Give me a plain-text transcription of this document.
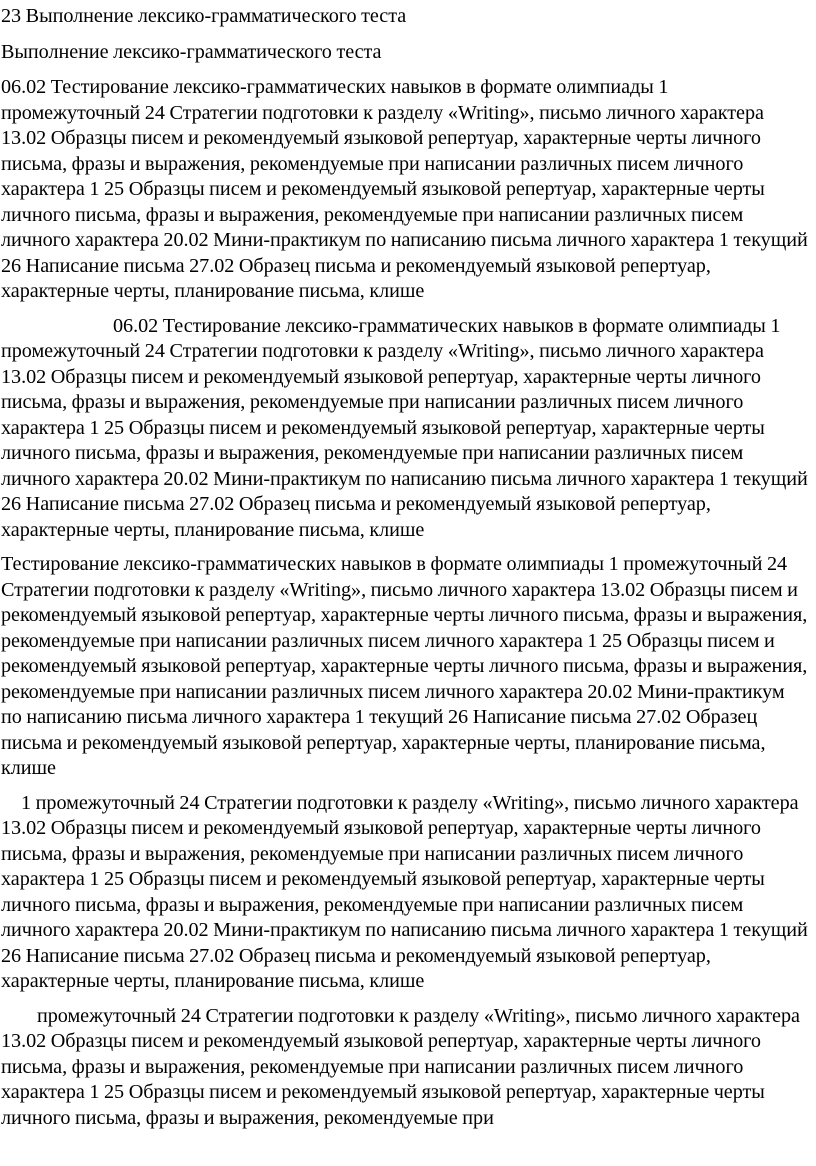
23 Выполнение лексико-грамматического теста

Выполнение лексико-грамматического теста

06.02 Тестирование лексико-грамматических навыков в формате олимпиады 1 промежуточный 24 Стратегии подготовки к разделу «Writing», письмо личного характера 13.02 Образцы писем и рекомендуемый языковой репертуар, характерные черты личного письма, фразы и выражения, рекомендуемые при написании различных писем личного характера 1 25 Образцы писем и рекомендуемый языковой репертуар, характерные черты личного письма, фразы и выражения, рекомендуемые при написании различных писем личного характера 20.02 Мини-практикум по написанию письма личного характера 1 текущий 26 Написание письма 27.02 Образец письма и рекомендуемый языковой репертуар, характерные черты, планирование письма, клише

06.02 Тестирование лексико-грамматических навыков в формате олимпиады 1 промежуточный 24 Стратегии подготовки к разделу «Writing», письмо личного характера 13.02 Образцы писем и рекомендуемый языковой репертуар, характерные черты личного письма, фразы и выражения, рекомендуемые при написании различных писем личного характера 1 25 Образцы писем и рекомендуемый языковой репертуар, характерные черты личного письма, фразы и выражения, рекомендуемые при написании различных писем личного характера 20.02 Мини-практикум по написанию письма личного характера 1 текущий 26 Написание письма 27.02 Образец письма и рекомендуемый языковой репертуар, характерные черты, планирование письма, клише

Тестирование лексико-грамматических навыков в формате олимпиады 1 промежуточный 24 Стратегии подготовки к разделу «Writing», письмо личного характера 13.02 Образцы писем и рекомендуемый языковой репертуар, характерные черты личного письма, фразы и выражения, рекомендуемые при написании различных писем личного характера 1 25 Образцы писем и рекомендуемый языковой репертуар, характерные черты личного письма, фразы и выражения, рекомендуемые при написании различных писем личного характера 20.02 Мини-практикум по написанию письма личного характера 1 текущий 26 Написание письма 27.02 Образец письма и рекомендуемый языковой репертуар, характерные черты, планирование письма, клише

1 промежуточный 24 Стратегии подготовки к разделу «Writing», письмо личного характера 13.02 Образцы писем и рекомендуемый языковой репертуар, характерные черты личного письма, фразы и выражения, рекомендуемые при написании различных писем личного характера 1 25 Образцы писем и рекомендуемый языковой репертуар, характерные черты личного письма, фразы и выражения, рекомендуемые при написании различных писем личного характера 20.02 Мини-практикум по написанию письма личного характера 1 текущий 26 Написание письма 27.02 Образец письма и рекомендуемый языковой репертуар, характерные черты, планирование письма, клише

промежуточный 24 Стратегии подготовки к разделу «Writing», письмо личного характера 13.02 Образцы писем и рекомендуемый языковой репертуар, характерные черты личного письма, фразы и выражения, рекомендуемые при написании различных писем личного характера 1 25 Образцы писем и рекомендуемый языковой репертуар, характерные черты личного письма, фразы и выражения, рекомендуемые при
